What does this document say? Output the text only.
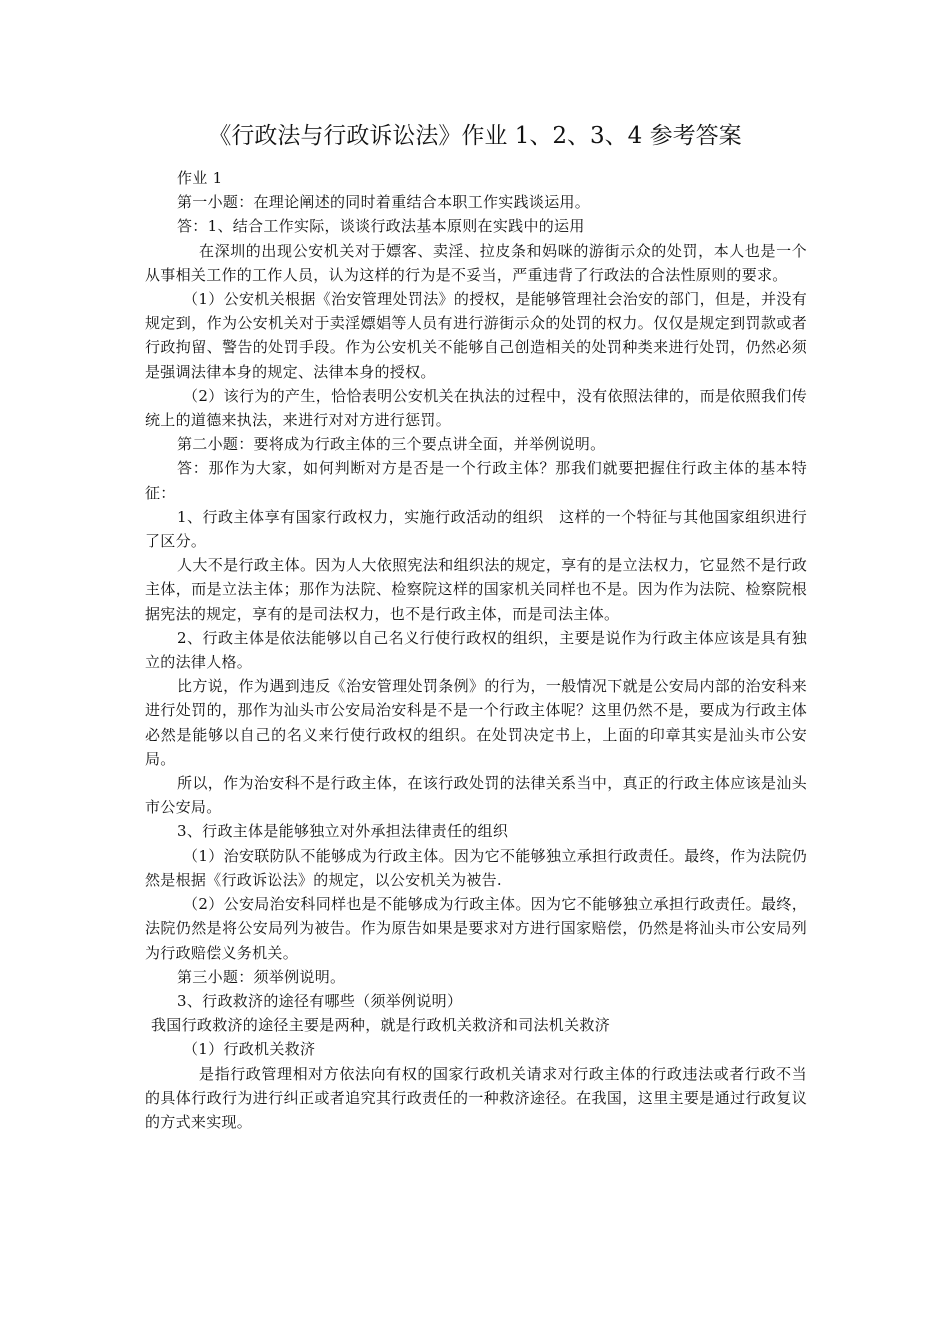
《行政法与行政诉讼法》作业 1、2、3、4 参考答案

作业 1

第一小题：在理论阐述的同时着重结合本职工作实践谈运用。

答：1、结合工作实际，谈谈行政法基本原则在实践中的运用

在深圳的出现公安机关对于嫖客、卖淫、拉皮条和妈咪的游街示众的处罚，本人也是一个从事相关工作的工作人员，认为这样的行为是不妥当，严重违背了行政法的合法性原则的要求。

（1）公安机关根据《治安管理处罚法》的授权，是能够管理社会治安的部门，但是，并没有规定到，作为公安机关对于卖淫嫖娼等人员有进行游街示众的处罚的权力。仅仅是规定到罚款或者行政拘留、警告的处罚手段。作为公安机关不能够自己创造相关的处罚种类来进行处罚，仍然必须是强调法律本身的规定、法律本身的授权。

（2）该行为的产生，恰恰表明公安机关在执法的过程中，没有依照法律的，而是依照我们传统上的道德来执法，来进行对对方进行惩罚。

第二小题：要将成为行政主体的三个要点讲全面，并举例说明。

答：那作为大家，如何判断对方是否是一个行政主体？那我们就要把握住行政主体的基本特征：

1、行政主体享有国家行政权力，实施行政活动的组织　这样的一个特征与其他国家组织进行了区分。

人大不是行政主体。因为人大依照宪法和组织法的规定，享有的是立法权力，它显然不是行政主体，而是立法主体；那作为法院、检察院这样的国家机关同样也不是。因为作为法院、检察院根据宪法的规定，享有的是司法权力，也不是行政主体，而是司法主体。

2、行政主体是依法能够以自己名义行使行政权的组织，主要是说作为行政主体应该是具有独立的法律人格。

比方说，作为遇到违反《治安管理处罚条例》的行为，一般情况下就是公安局内部的治安科来进行处罚的，那作为汕头市公安局治安科是不是一个行政主体呢？这里仍然不是，要成为行政主体必然是能够以自己的名义来行使行政权的组织。在处罚决定书上，上面的印章其实是汕头市公安局。

所以，作为治安科不是行政主体，在该行政处罚的法律关系当中，真正的行政主体应该是汕头市公安局。

3、行政主体是能够独立对外承担法律责任的组织

（1）治安联防队不能够成为行政主体。因为它不能够独立承担行政责任。最终，作为法院仍然是根据《行政诉讼法》的规定，以公安机关为被告.

（2）公安局治安科同样也是不能够成为行政主体。因为它不能够独立承担行政责任。最终，法院仍然是将公安局列为被告。作为原告如果是要求对方进行国家赔偿，仍然是将汕头市公安局列为行政赔偿义务机关。

第三小题：须举例说明。

3、行政救济的途径有哪些（须举例说明）

我国行政救济的途径主要是两种，就是行政机关救济和司法机关救济

（1）行政机关救济

是指行政管理相对方依法向有权的国家行政机关请求对行政主体的行政违法或者行政不当的具体行政行为进行纠正或者追究其行政责任的一种救济途径。在我国，这里主要是通过行政复议的方式来实现。
